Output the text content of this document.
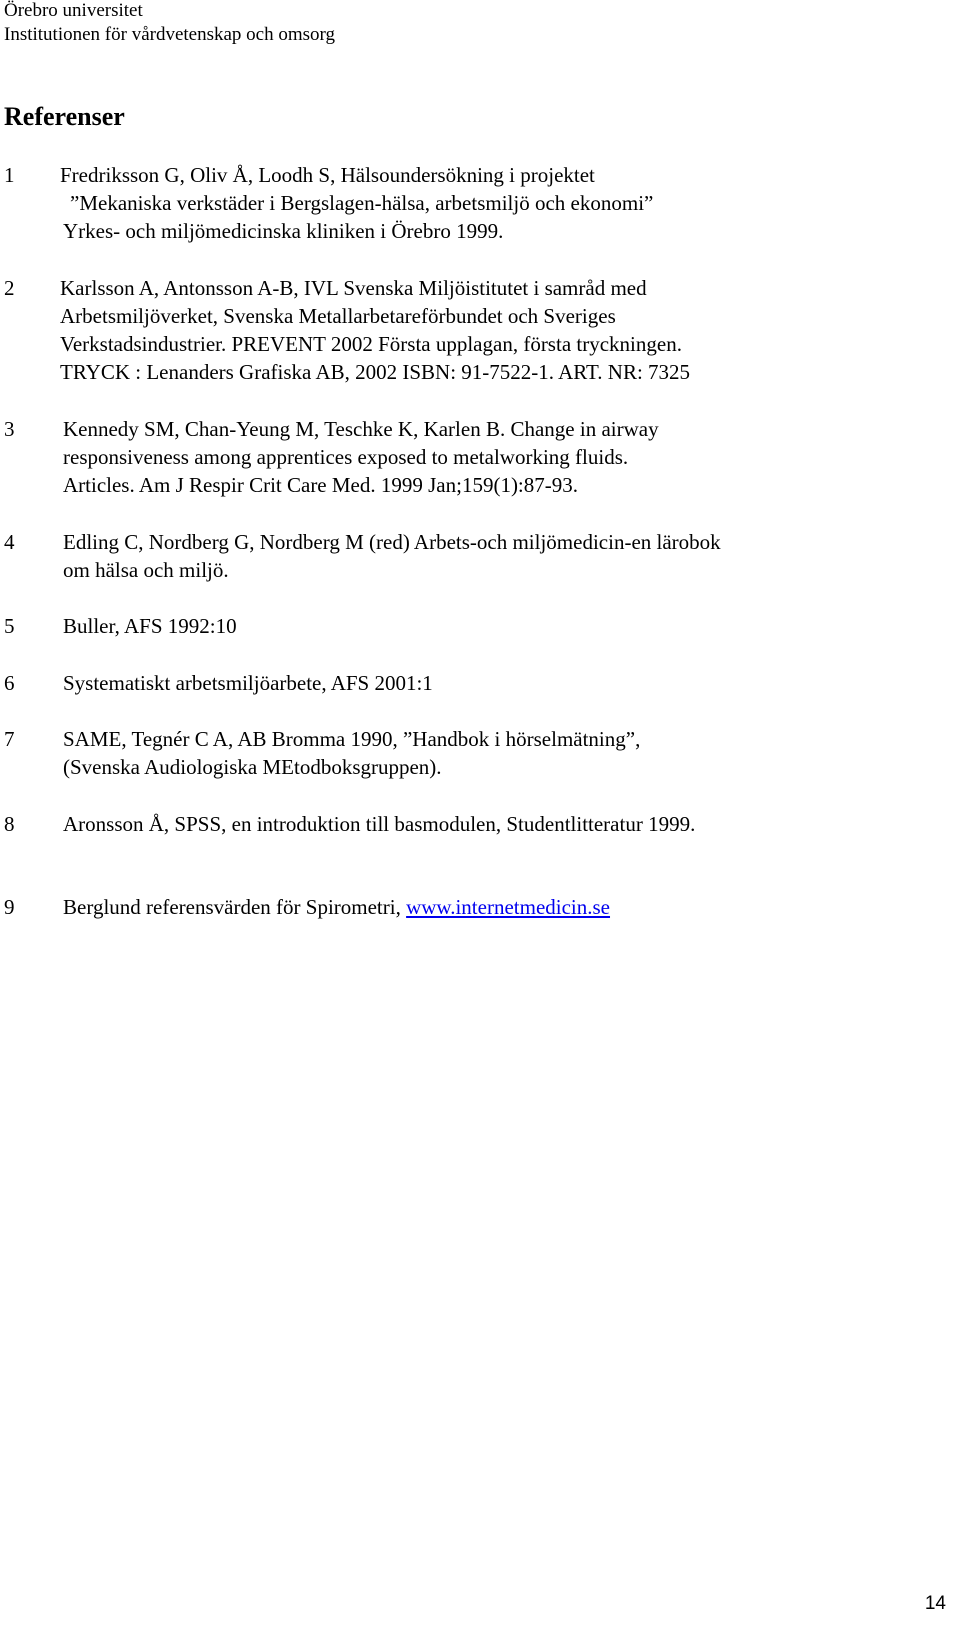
Örebro universitet
Institutionen för vårdvetenskap och omsorg
Referenser
1 Fredriksson G, Oliv Å, Loodh S, Hälsoundersökning i projektet
”Mekaniska verkstäder i Bergslagen-hälsa, arbetsmiljö och ekonomi”
Yrkes- och miljömedicinska kliniken i Örebro 1999.
2 Karlsson A, Antonsson A-B, IVL Svenska Miljöistitutet i samråd med
Arbetsmiljöverket, Svenska Metallarbetareförbundet och Sveriges
Verkstadsindustrier. PREVENT 2002 Första upplagan, första tryckningen.
TRYCK : Lenanders Grafiska AB, 2002 ISBN: 91-7522-1. ART. NR: 7325
3 Kennedy SM, Chan-Yeung M, Teschke K, Karlen B. Change in airway
responsiveness among apprentices exposed to metalworking fluids.
Articles. Am J Respir Crit Care Med. 1999 Jan;159(1):87-93.
4 Edling C, Nordberg G, Nordberg M (red) Arbets-och miljömedicin-en lärobok
om hälsa och miljö.
5 Buller, AFS 1992:10
6 Systematiskt arbetsmiljöarbete, AFS 2001:1
7 SAME, Tegnér C A, AB Bromma 1990, ”Handbok i hörselmätning”,
(Svenska Audiologiska MEtodboksgruppen).
8 Aronsson Å, SPSS, en introduktion till basmodulen, Studentlitteratur 1999.
9 Berglund referensvärden för Spirometri, www.internetmedicin.se
14
